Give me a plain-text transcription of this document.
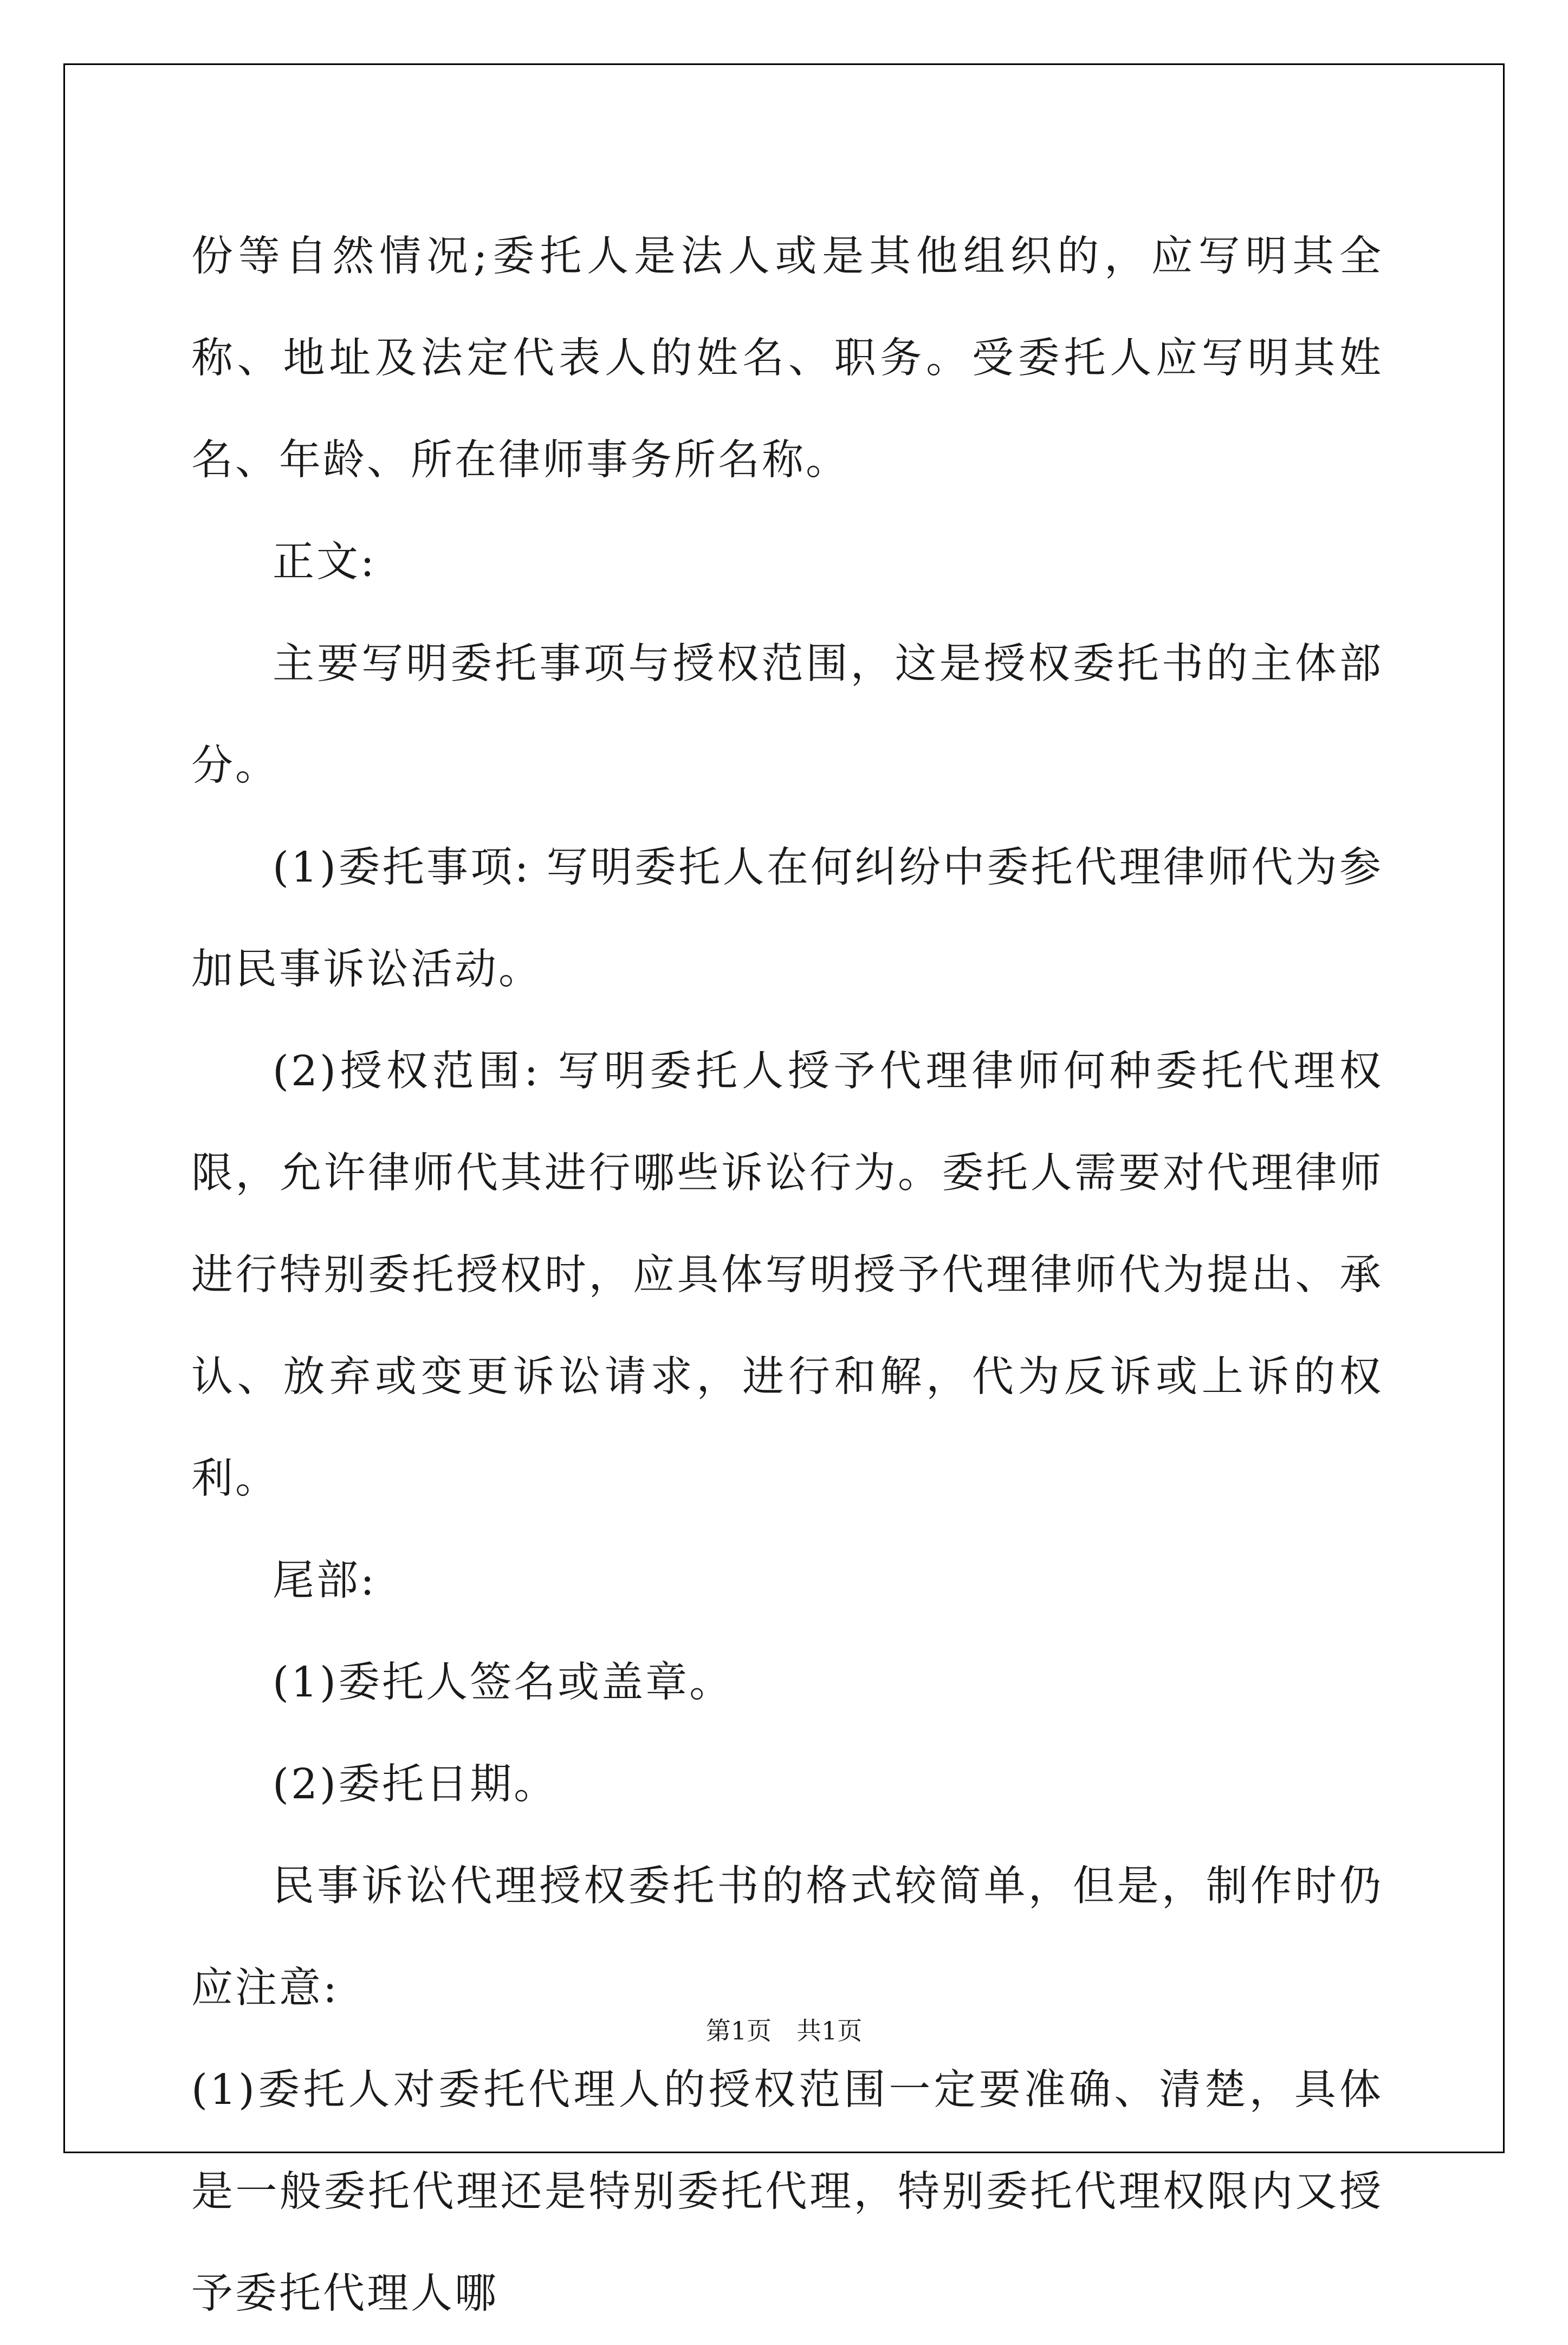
份等自然情况;委托人是法人或是其他组织的，应写明其全称、地址及法定代表人的姓名、职务。受委托人应写明其姓名、年龄、所在律师事务所名称。

正文:

主要写明委托事项与授权范围，这是授权委托书的主体部分。

(1)委托事项: 写明委托人在何纠纷中委托代理律师代为参加民事诉讼活动。

(2)授权范围: 写明委托人授予代理律师何种委托代理权限，允许律师代其进行哪些诉讼行为。委托人需要对代理律师进行特别委托授权时，应具体写明授予代理律师代为提出、承认、放弃或变更诉讼请求，进行和解，代为反诉或上诉的权利。

尾部:

(1)委托人签名或盖章。

(2)委托日期。

民事诉讼代理授权委托书的格式较简单，但是，制作时仍应注意:

(1)委托人对委托代理人的授权范围一定要准确、清楚，具体是一般委托代理还是特别委托代理，特别委托代理权限内又授予委托代理人哪

第1页　共1页
